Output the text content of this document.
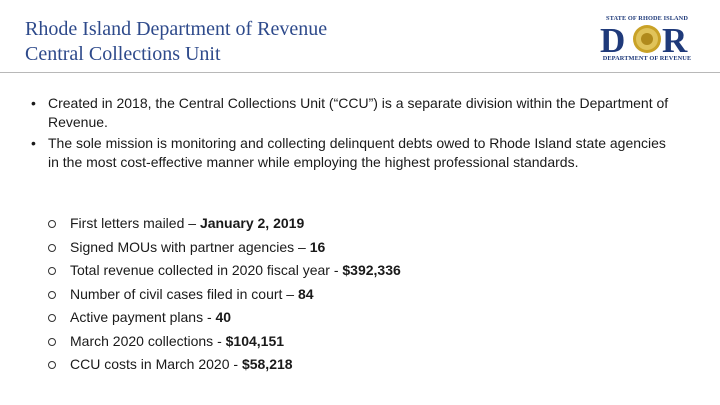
Rhode Island Department of Revenue
Central Collections Unit
STATE OF RHODE ISLAND
D R
DEPARTMENT OF REVENUE
• Created in 2018, the Central Collections Unit (“CCU”) is a separate division within the Department of Revenue.
• The sole mission is monitoring and collecting delinquent debts owed to Rhode Island state agencies in the most cost-effective manner while employing the highest professional standards.
First letters mailed – January 2, 2019
Signed MOUs with partner agencies – 16
Total revenue collected in 2020 fiscal year - $392,336
Number of civil cases filed in court – 84
Active payment plans - 40
March 2020 collections - $104,151
CCU costs in March 2020 - $58,218
